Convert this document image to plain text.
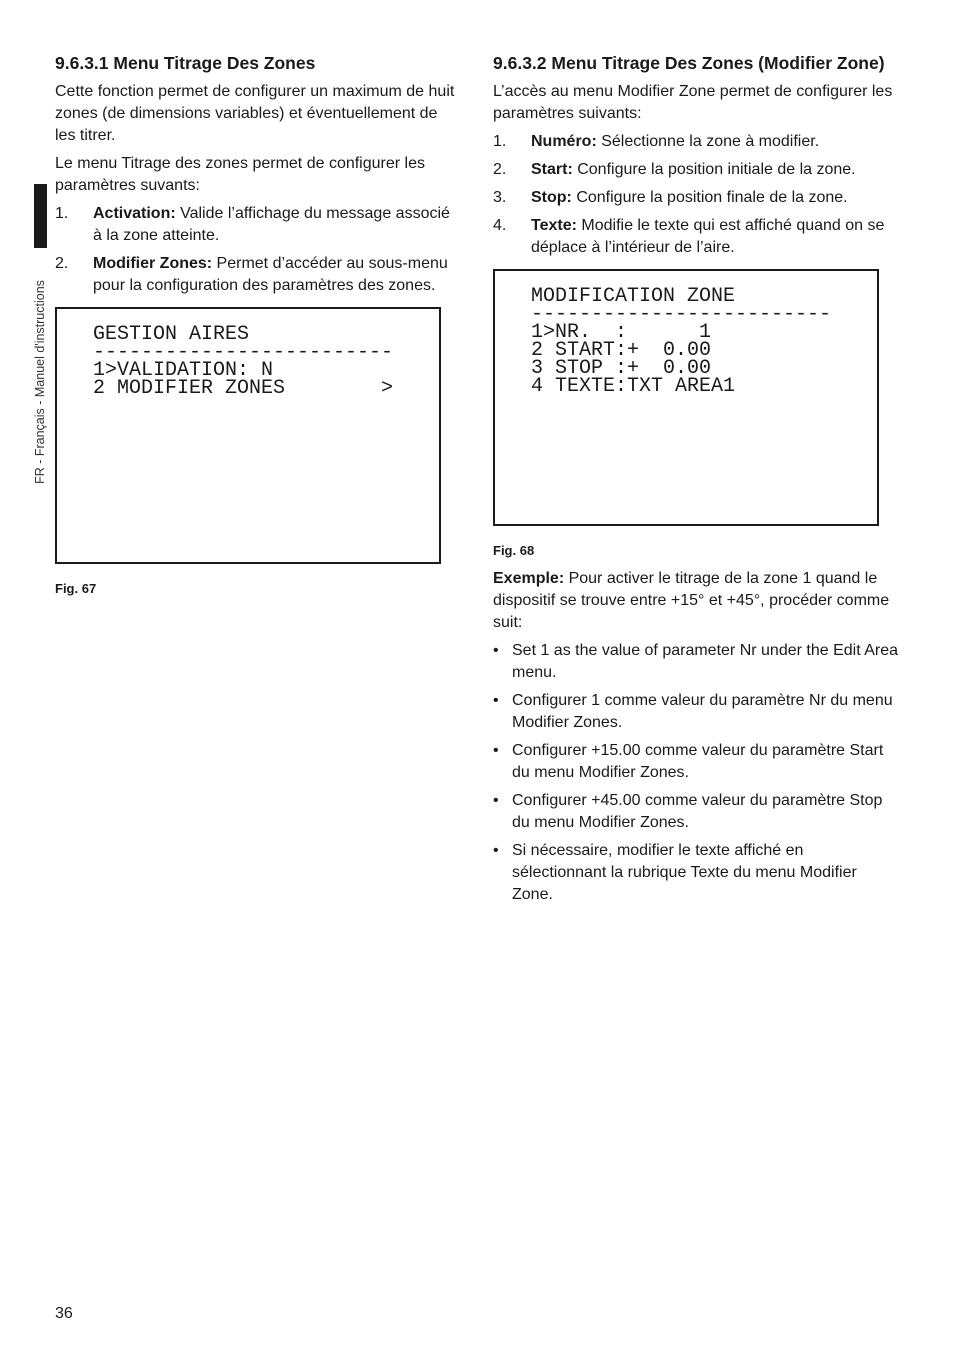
FR - Français - Manuel d'instructions
9.6.3.1 Menu Titrage Des Zones

Cette fonction permet de configurer un maximum de huit zones (de dimensions variables) et éventuellement de les titrer.

Le menu Titrage des zones permet de configurer les paramètres suvants:

1. Activation: Valide l’affichage du message associé à la zone atteinte.
2. Modifier Zones: Permet d’accéder au sous-menu pour la configuration des paramètres des zones.
GESTION AIRES
-------------------------
1>VALIDATION: N
2 MODIFIER ZONES        >
Fig. 67
9.6.3.2 Menu Titrage Des Zones (Modifier Zone)

L’accès au menu Modifier Zone permet de configurer les paramètres suivants:

1. Numéro: Sélectionne la zone à modifier.
2. Start: Configure la position initiale de la zone.
3. Stop: Configure la position finale de la zone.
4. Texte: Modifie le texte qui est affiché quand on se déplace à l’intérieur de l’aire.
MODIFICATION ZONE
-------------------------
1>NR.  :      1
2 START:+  0.00
3 STOP :+  0.00
4 TEXTE:TXT AREA1
Fig. 68

Exemple: Pour activer le titrage de la zone 1 quand le dispositif se trouve entre +15° et +45°, procéder comme suit:

• Set 1 as the value of parameter Nr under the Edit Area menu.
• Configurer 1 comme valeur du paramètre Nr du menu Modifier Zones.
• Configurer +15.00 comme valeur du paramètre Start du menu Modifier Zones.
• Configurer +45.00 comme valeur du paramètre Stop du menu Modifier Zones.
• Si nécessaire, modifier le texte affiché en sélectionnant la rubrique Texte du menu Modifier Zone.
36
